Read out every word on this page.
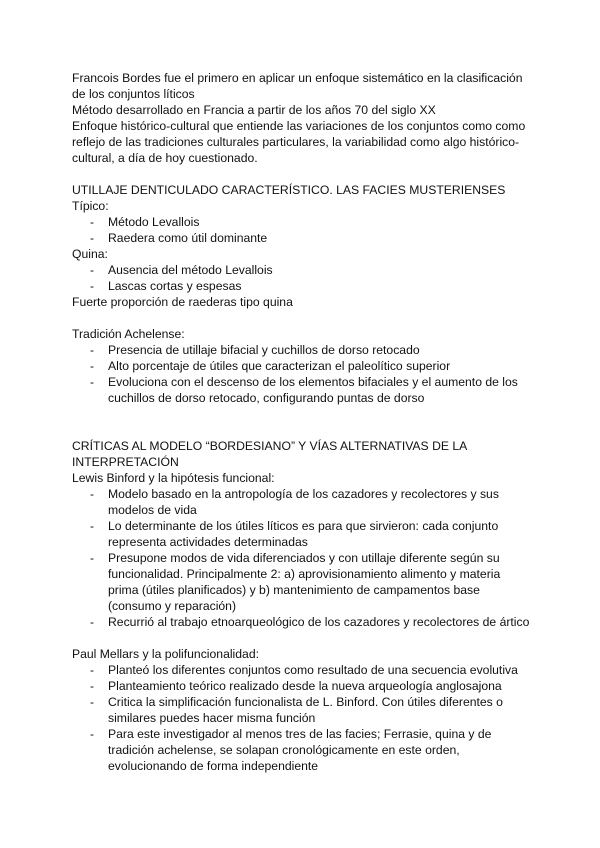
Francois Bordes fue el primero en aplicar un enfoque sistemático en la clasificación de los conjuntos líticos

Método desarrollado en Francia a partir de los años 70 del siglo XX

Enfoque histórico-cultural que entiende las variaciones de los conjuntos como como reflejo de las tradiciones culturales particulares, la variabilidad como algo histórico-cultural, a día de hoy cuestionado.

UTILLAJE DENTICULADO CARACTERÍSTICO. LAS FACIES MUSTERIENSES

Típico:

- Método Levallois
- Raedera como útil dominante

Quina:

- Ausencia del método Levallois
- Lascas cortas y espesas

Fuerte proporción de raederas tipo quina

Tradición Achelense:

- Presencia de utillaje bifacial y cuchillos de dorso retocado
- Alto porcentaje de útiles que caracterizan el paleolítico superior
- Evoluciona con el descenso de los elementos bifaciales y el aumento de los cuchillos de dorso retocado, configurando puntas de dorso

CRÍTICAS AL MODELO “BORDESIANO” Y VÍAS ALTERNATIVAS DE LA INTERPRETACIÓN

Lewis Binford y la hipótesis funcional:

- Modelo basado en la antropología de los cazadores y recolectores y sus modelos de vida
- Lo determinante de los útiles líticos es para que sirvieron: cada conjunto representa actividades determinadas
- Presupone modos de vida diferenciados y con utillaje diferente según su funcionalidad. Principalmente 2: a) aprovisionamiento alimento y materia prima (útiles planificados) y b) mantenimiento de campamentos base (consumo y reparación)
- Recurrió al trabajo etnoarqueológico de los cazadores y recolectores de ártico

Paul Mellars y la polifuncionalidad:

- Planteó los diferentes conjuntos como resultado de una secuencia evolutiva
- Planteamiento teórico realizado desde la nueva arqueología anglosajona
- Critica la simplificación funcionalista de L. Binford. Con útiles diferentes o similares puedes hacer misma función
- Para este investigador al menos tres de las facies; Ferrasie, quina y de tradición achelense, se solapan cronológicamente en este orden, evolucionando de forma independiente
